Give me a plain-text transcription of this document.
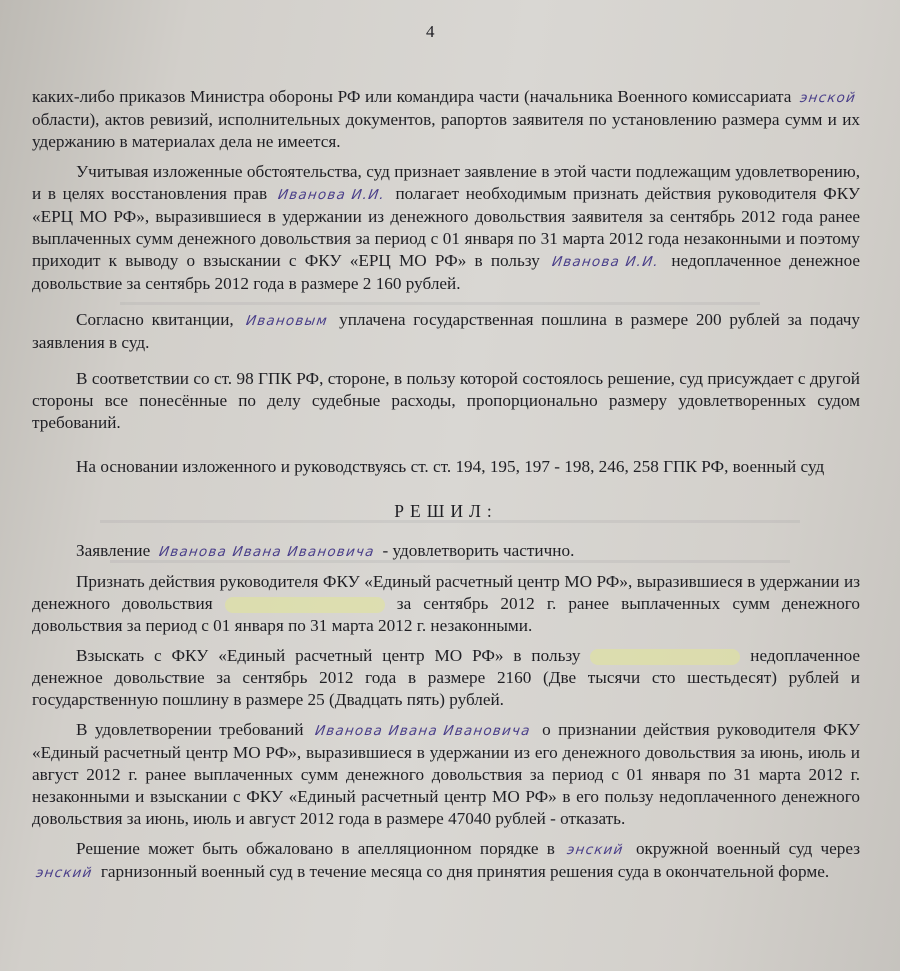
4

каких-либо приказов Министра обороны РФ или командира части (начальника Военного комиссариата энской области), актов ревизий, исполнительных документов, рапортов заявителя по установлению размера сумм и их удержанию в материалах дела не имеется.

Учитывая изложенные обстоятельства, суд признает заявление в этой части подлежащим удовлетворению, и в целях восстановления прав Иванова И.И. полагает необходимым признать действия руководителя ФКУ «ЕРЦ МО РФ», выразившиеся в удержании из денежного довольствия заявителя за сентябрь 2012 года ранее выплаченных сумм денежного довольствия за период с 01 января по 31 марта 2012 года незаконными и поэтому приходит к выводу о взыскании с ФКУ «ЕРЦ МО РФ» в пользу Иванова И.И. недоплаченное денежное довольствие за сентябрь 2012 года в размере 2 160 рублей.

Согласно квитанции, Ивановым уплачена государственная пошлина в размере 200 рублей за подачу заявления в суд.

В соответствии со ст. 98 ГПК РФ, стороне, в пользу которой состоялось решение, суд присуждает с другой стороны все понесённые по делу судебные расходы, пропорционально размеру удовлетворенных судом требований.

На основании изложенного и руководствуясь ст. ст. 194, 195, 197 - 198, 246, 258 ГПК РФ, военный суд

РЕШИЛ:

Заявление Иванова Ивана Ивановича - удовлетворить частично.

Признать действия руководителя ФКУ «Единый расчетный центр МО РФ», выразившиеся в удержании из денежного довольствия	за сентябрь 2012 г. ранее выплаченных сумм денежного довольствия за период с 01 января по 31 марта 2012 г. незаконными.

Взыскать с ФКУ «Единый расчетный центр МО РФ» в пользу	недоплаченное денежное довольствие за сентябрь 2012 года в размере 2160 (Две тысячи сто шестьдесят) рублей и государственную пошлину в размере 25 (Двадцать пять) рублей.

В удовлетворении требований Иванова Ивана Ивановича о признании действия руководителя ФКУ «Единый расчетный центр МО РФ», выразившиеся в удержании из его денежного довольствия за июнь, июль и август 2012 г. ранее выплаченных сумм денежного довольствия за период с 01 января по 31 марта 2012 г. незаконными и взыскании с ФКУ «Единый расчетный центр МО РФ» в его пользу недоплаченного денежного довольствия за июнь, июль и август 2012 года в размере 47040 рублей - отказать.

Решение может быть обжаловано в апелляционном порядке в энский окружной военный суд через энский гарнизонный военный суд в течение месяца со дня принятия решения суда в окончательной форме.
